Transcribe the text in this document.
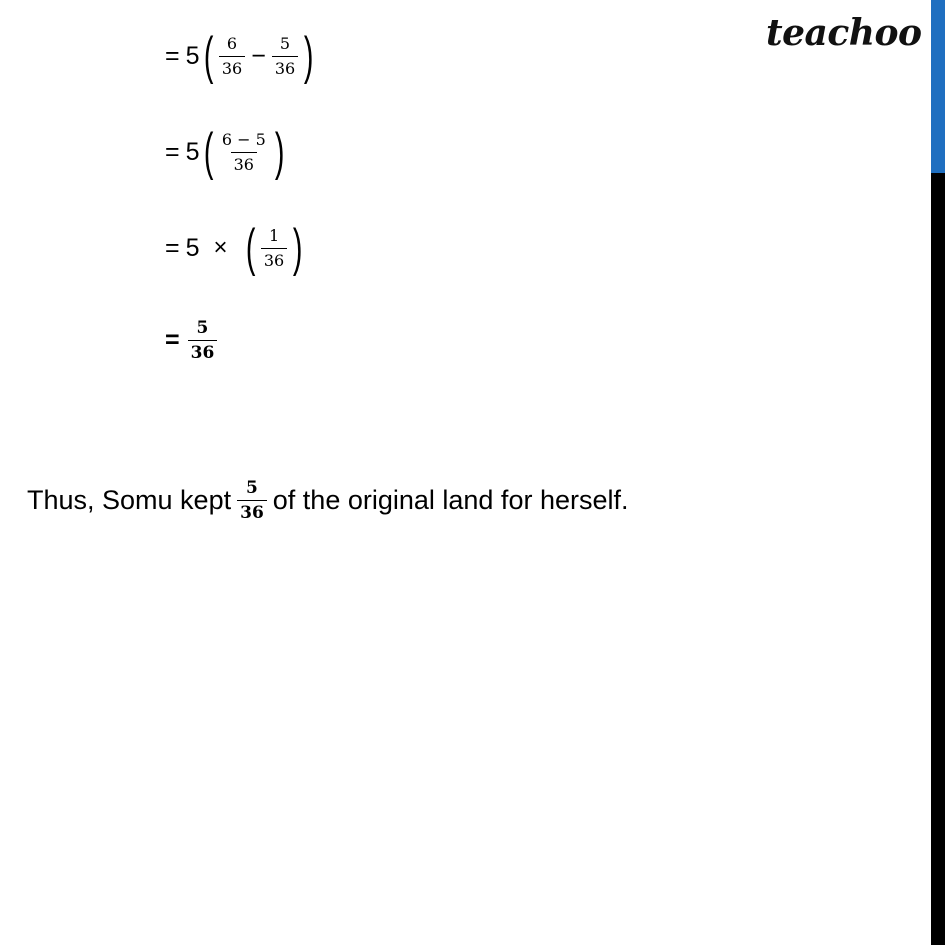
teachoo
= 5 ( $\frac{6}{36} - \frac{5}{36}$ )
= 5 ( $\frac{6 - 5}{36}$ )
= 5 × ( $\frac{1}{36}$ )
= $\frac{5}{36}$
Thus, Somu kept $\frac{5}{36}$ of the original land for herself.
